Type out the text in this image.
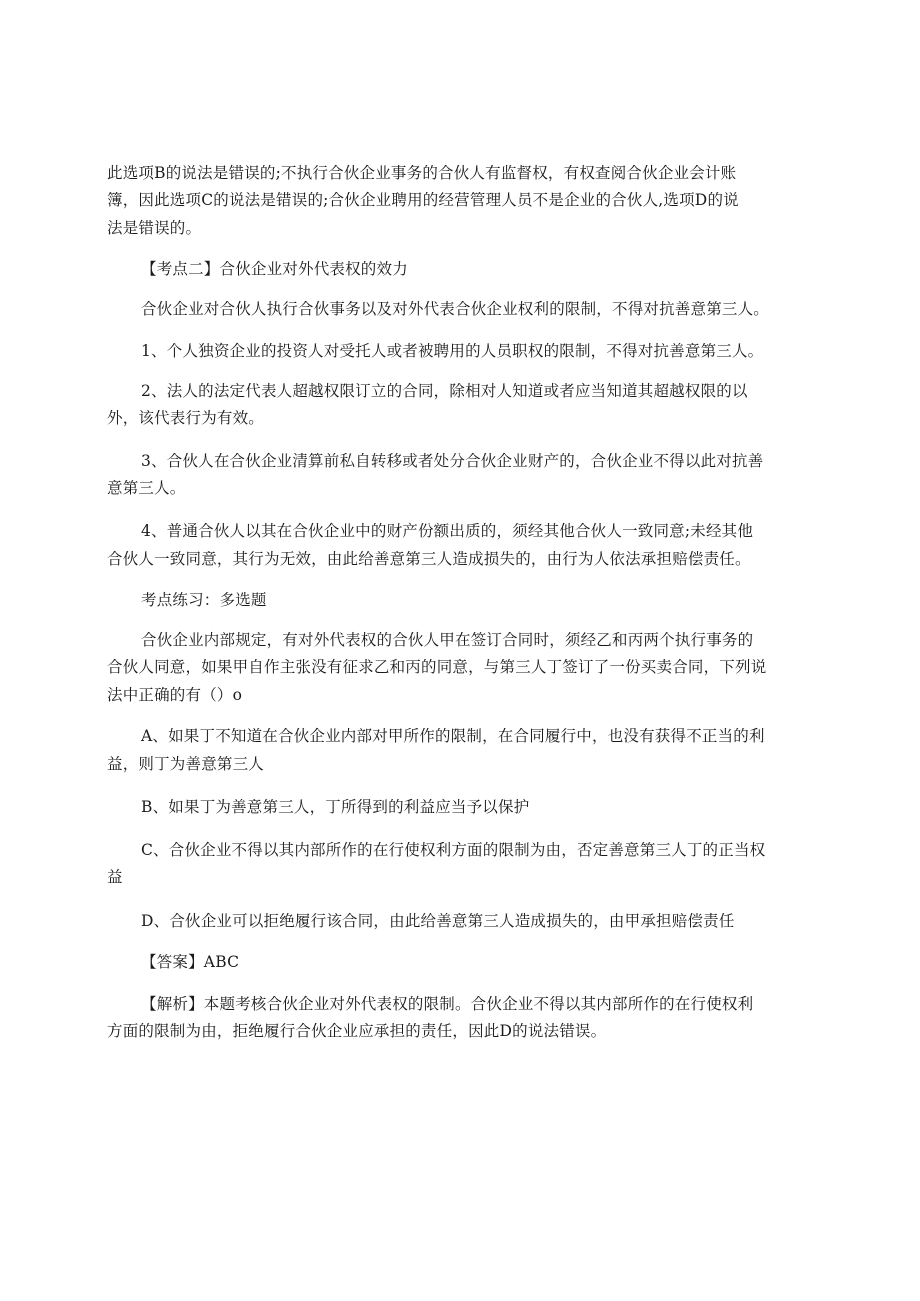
此选项B的说法是错误的;不执行合伙企业事务的合伙人有监督权，有权查阅合伙企业会计账
簿，因此选项C的说法是错误的;合伙企业聘用的经营管理人员不是企业的合伙人,选项D的说
法是错误的。
【考点二】合伙企业对外代表权的效力
合伙企业对合伙人执行合伙事务以及对外代表合伙企业权利的限制，不得对抗善意第三人。
1、个人独资企业的投资人对受托人或者被聘用的人员职权的限制，不得对抗善意第三人。
2、法人的法定代表人超越权限订立的合同，除相对人知道或者应当知道其超越权限的以
外，该代表行为有效。
3、合伙人在合伙企业清算前私自转移或者处分合伙企业财产的，合伙企业不得以此对抗善
意第三人。
4、普通合伙人以其在合伙企业中的财产份额出质的，须经其他合伙人一致同意;未经其他
合伙人一致同意，其行为无效，由此给善意第三人造成损失的，由行为人依法承担赔偿责任。
考点练习：多选题
合伙企业内部规定，有对外代表权的合伙人甲在签订合同时，须经乙和丙两个执行事务的
合伙人同意，如果甲自作主张没有征求乙和丙的同意，与第三人丁签订了一份买卖合同，下列说
法中正确的有（）o
A、如果丁不知道在合伙企业内部对甲所作的限制，在合同履行中，也没有获得不正当的利
益，则丁为善意第三人
B、如果丁为善意第三人，丁所得到的利益应当予以保护
C、合伙企业不得以其内部所作的在行使权利方面的限制为由，否定善意第三人丁的正当权
益
D、合伙企业可以拒绝履行该合同，由此给善意第三人造成损失的，由甲承担赔偿责任
【答案】ABC
【解析】本题考核合伙企业对外代表权的限制。合伙企业不得以其内部所作的在行使权利
方面的限制为由，拒绝履行合伙企业应承担的责任，因此D的说法错误。
